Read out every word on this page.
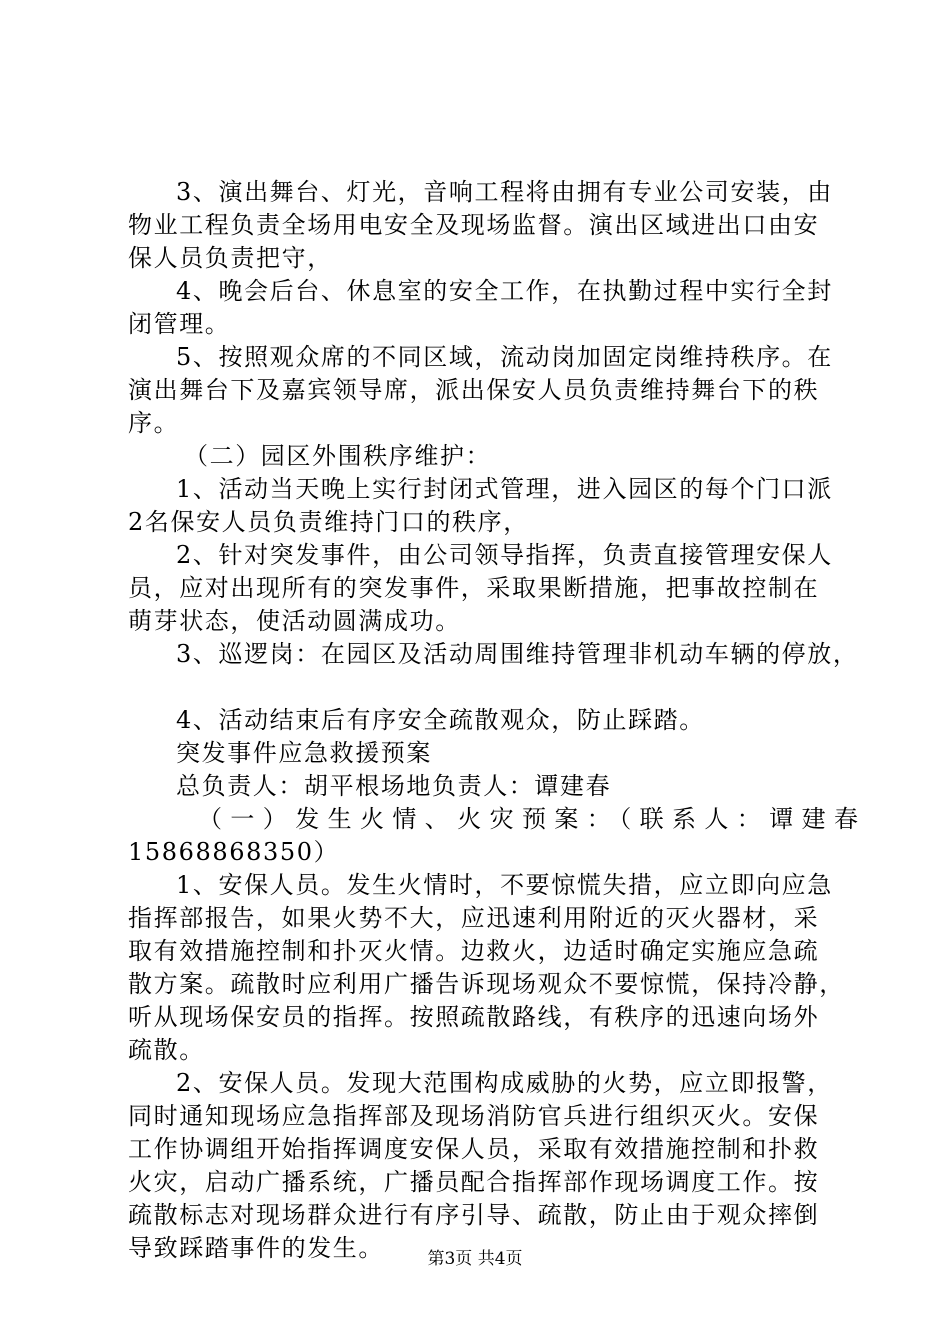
3、演出舞台、灯光，音响工程将由拥有专业公司安装，由
物业工程负责全场用电安全及现场监督。演出区域进出口由安
保人员负责把守，
4、晚会后台、休息室的安全工作，在执勤过程中实行全封
闭管理。
5、按照观众席的不同区域，流动岗加固定岗维持秩序。在
演出舞台下及嘉宾领导席，派出保安人员负责维持舞台下的秩
序。
（二）园区外围秩序维护：
1、活动当天晚上实行封闭式管理，进入园区的每个门口派
2名保安人员负责维持门口的秩序，
2、针对突发事件，由公司领导指挥，负责直接管理安保人
员，应对出现所有的突发事件，采取果断措施，把事故控制在
萌芽状态，使活动圆满成功。
3、巡逻岗：在园区及活动周围维持管理非机动车辆的停放，
4、活动结束后有序安全疏散观众，防止踩踏。
突发事件应急救援预案
总负责人：胡平根场地负责人：谭建春
（一）发生火情、火灾预案：（联系人：谭建春
15868868350）
1、安保人员。发生火情时，不要惊慌失措，应立即向应急
指挥部报告，如果火势不大，应迅速利用附近的灭火器材，采
取有效措施控制和扑灭火情。边救火，边适时确定实施应急疏
散方案。疏散时应利用广播告诉现场观众不要惊慌，保持冷静，
听从现场保安员的指挥。按照疏散路线，有秩序的迅速向场外
疏散。
2、安保人员。发现大范围构成威胁的火势，应立即报警，
同时通知现场应急指挥部及现场消防官兵进行组织灭火。安保
工作协调组开始指挥调度安保人员，采取有效措施控制和扑救
火灾，启动广播系统，广播员配合指挥部作现场调度工作。按
疏散标志对现场群众进行有序引导、疏散，防止由于观众摔倒
导致踩踏事件的发生。	第3页 共4页
